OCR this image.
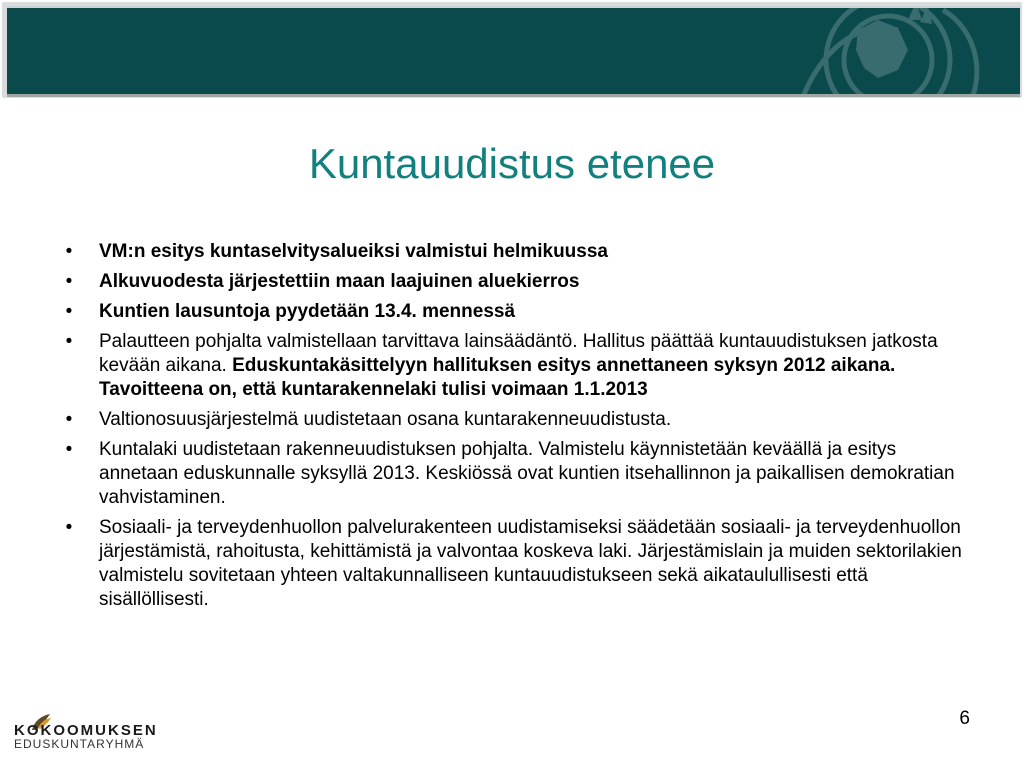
Kuntauudistus etenee
• VM:n esitys kuntaselvitysalueiksi valmistui helmikuussa
• Alkuvuodesta järjestettiin maan laajuinen aluekierros
• Kuntien lausuntoja pyydetään 13.4. mennessä
• Palautteen pohjalta valmistellaan tarvittava lainsäädäntö. Hallitus päättää kuntauudistuksen jatkosta kevään aikana. Eduskuntakäsittelyyn hallituksen esitys annettaneen syksyn 2012 aikana. Tavoitteena on, että kuntarakennelaki tulisi voimaan 1.1.2013
• Valtionosuusjärjestelmä uudistetaan osana kuntarakenneuudistusta.
• Kuntalaki uudistetaan rakenneuudistuksen pohjalta. Valmistelu käynnistetään keväällä ja esitys annetaan eduskunnalle syksyllä 2013. Keskiössä ovat kuntien itsehallinnon ja paikallisen demokratian vahvistaminen.
• Sosiaali- ja terveydenhuollon palvelurakenteen uudistamiseksi säädetään sosiaali- ja terveydenhuollon järjestämistä, rahoitusta, kehittämistä ja valvontaa koskeva laki. Järjestämislain ja muiden sektorilakien valmistelu sovitetaan yhteen valtakunnalliseen kuntauudistukseen sekä aikataulullisesti että sisällöllisesti.
6
KOKOOMUKSEN
EDUSKUNTARYHMÄ
